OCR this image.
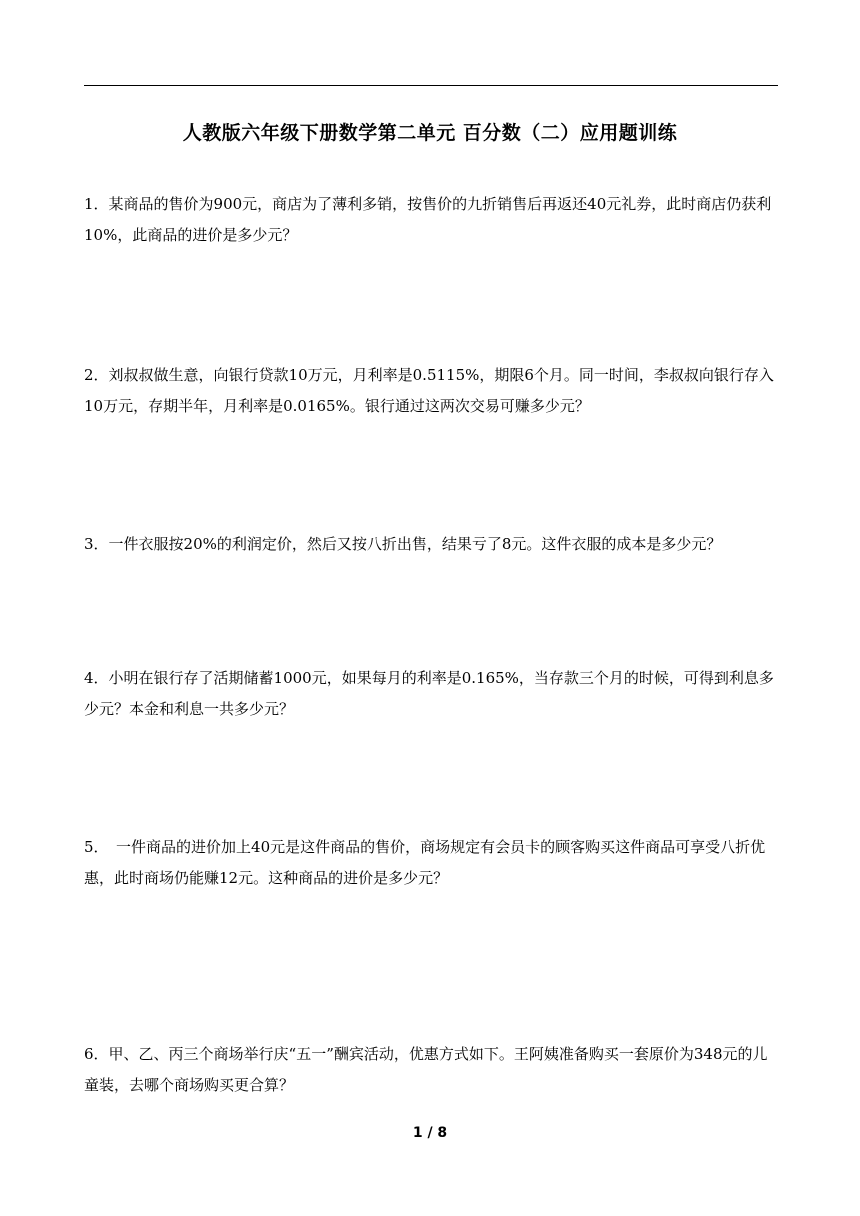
人教版六年级下册数学第二单元 百分数（二）应用题训练
1．某商品的售价为900元，商店为了薄利多销，按售价的九折销售后再返还40元礼券，此时商店仍获利10%，此商品的进价是多少元？
2．刘叔叔做生意，向银行贷款10万元，月利率是0.5115%，期限6个月。同一时间，李叔叔向银行存入10万元，存期半年，月利率是0.0165%。银行通过这两次交易可赚多少元？
3．一件衣服按20%的利润定价，然后又按八折出售，结果亏了8元。这件衣服的成本是多少元？
4．小明在银行存了活期储蓄1000元，如果每月的利率是0.165%，当存款三个月的时候，可得到利息多少元？本金和利息一共多少元？
5．　一件商品的进价加上40元是这件商品的售价，商场规定有会员卡的顾客购买这件商品可享受八折优惠，此时商场仍能赚12元。这种商品的进价是多少元？
6．甲、乙、丙三个商场举行庆“五一”酬宾活动，优惠方式如下。王阿姨准备购买一套原价为348元的儿童装，去哪个商场购买更合算？
1 / 8
